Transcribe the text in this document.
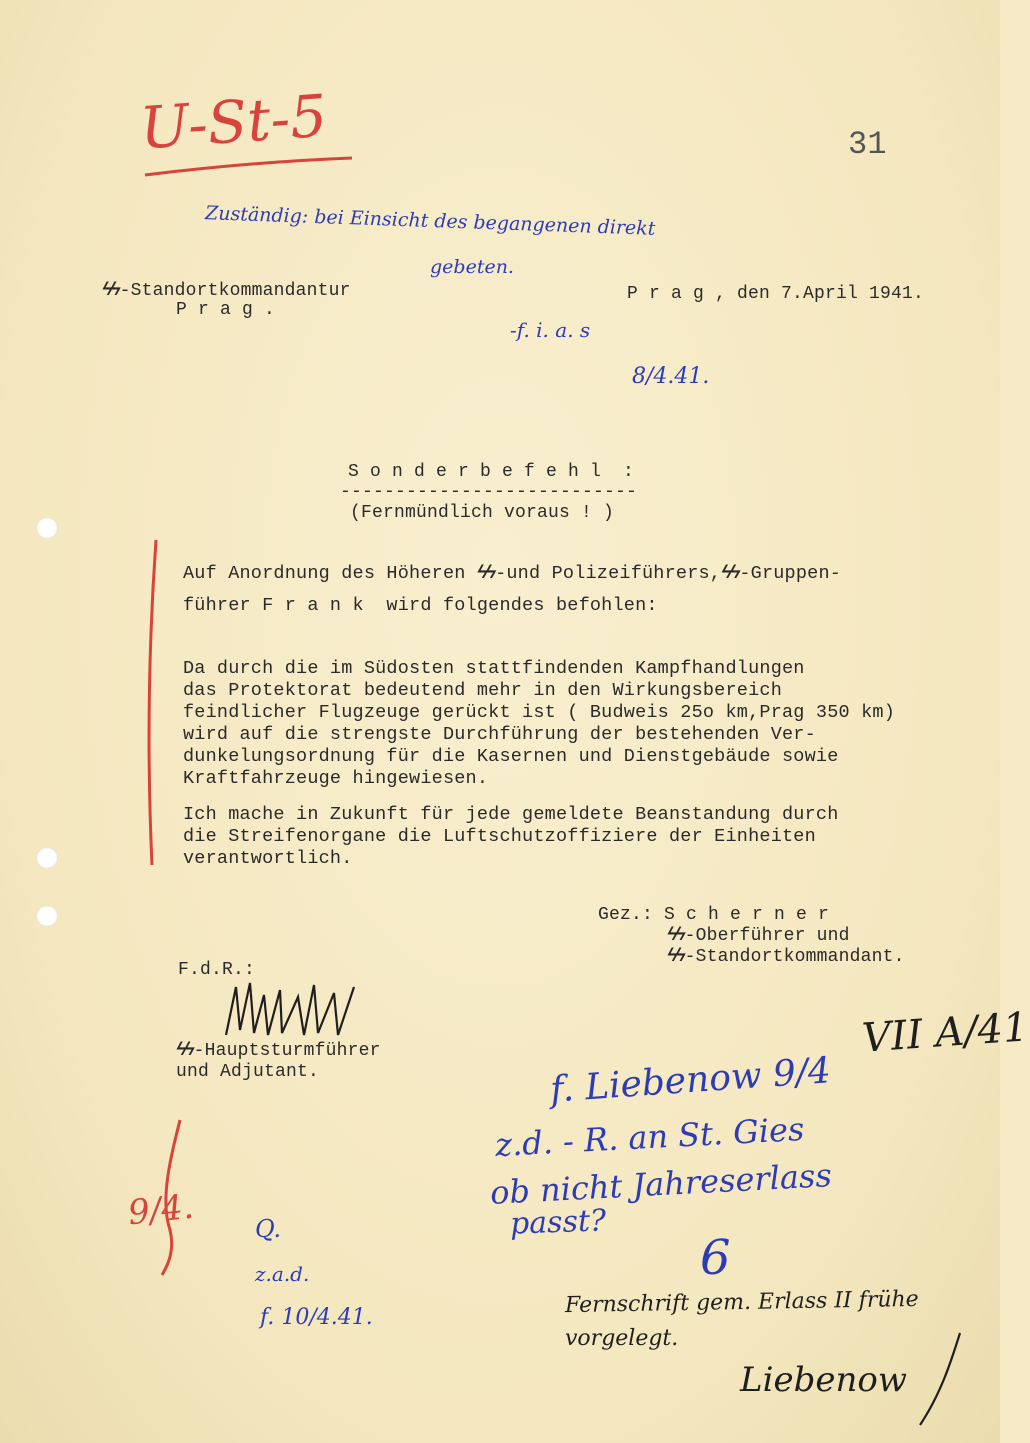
U-St-5	31
Zuständig: bei Einsicht des begangenen direkt
gebeten.
-f. i. a. s
8/4.41.
ϟϟ -Standortkommandantur
P r a g .
P r a g , den 7.April 1941.
S o n d e r b e f e h l  :
---------------------------
(Fernmündlich voraus ! )
Auf Anordnung des Höheren ϟϟ -und Polizeiführers,ϟϟ -Gruppen-
führer F r a n k  wird folgendes befohlen:
Da durch die im Südosten stattfindenden Kampfhandlungen
das Protektorat bedeutend mehr in den Wirkungsbereich
feindlicher Flugzeuge gerückt ist ( Budweis 25o km,Prag 350 km)
wird auf die strengste Durchführung der bestehenden Ver-
dunkelungsordnung für die Kasernen und Dienstgebäude sowie
Kraftfahrzeuge hingewiesen.
Ich mache in Zukunft für jede gemeldete Beanstandung durch
die Streifenorgane die Luftschutzoffiziere der Einheiten
verantwortlich.
Gez.: S c h e r n e r
ϟϟ -Oberführer und
ϟϟ -Standortkommandant.
F.d.R.:
ϟϟ -Hauptsturmführer
und Adjutant.
VII A/41
9/4. Q.
z.a.d.
f. 10/4.41.
f. Liebenow 9/4
z.d. - R. an St. Gies
ob nicht Jahreserlass
passt?
6
Fernschrift gem. Erlass II frühe
vorgelegt.
Liebenow
